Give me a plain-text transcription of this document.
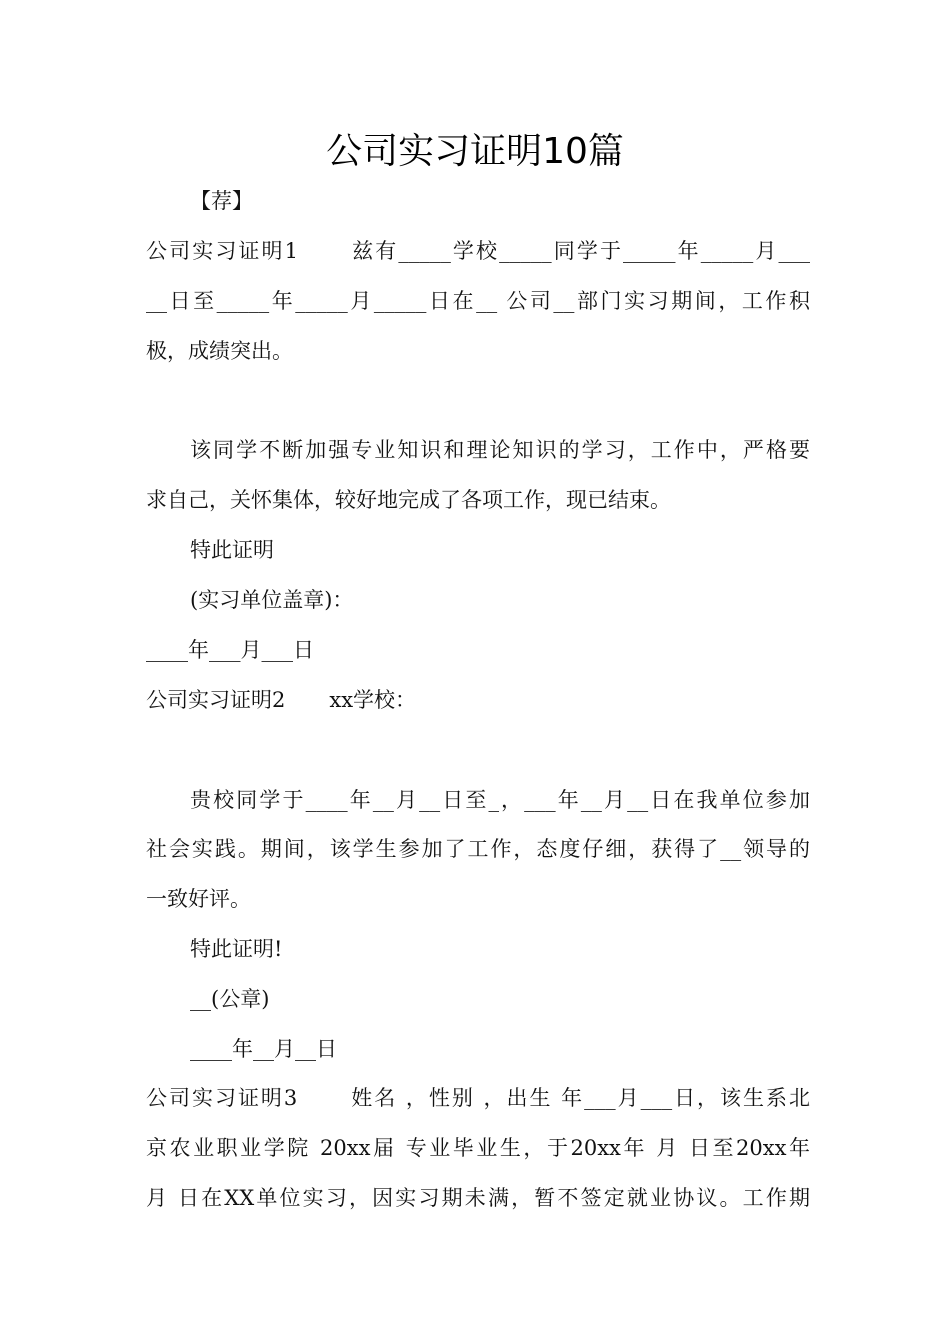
公司实习证明10篇
【荐】
公司实习证明1 兹有_____学校_____同学于_____年_____月___
__日至_____年_____月_____日在__ 公司__部门实习期间，工作积
极，成绩突出。
该同学不断加强专业知识和理论知识的学习，工作中，严格要
求自己，关怀集体，较好地完成了各项工作，现已结束。
特此证明
(实习单位盖章)：
____年___月___日
公司实习证明2 xx学校：
贵校同学于____年__月__日至_，___年__月__日在我单位参加
社会实践。期间，该学生参加了工作，态度仔细，获得了__领导的
一致好评。
特此证明!
__(公章)
____年__月__日
公司实习证明3 姓名 ，性别 ，出生 年___月___日，该生系北
京农业职业学院 20xx届 专业毕业生，于20xx年 月 日至20xx年
月 日在XX单位实习，因实习期未满，暂不签定就业协议。工作期
